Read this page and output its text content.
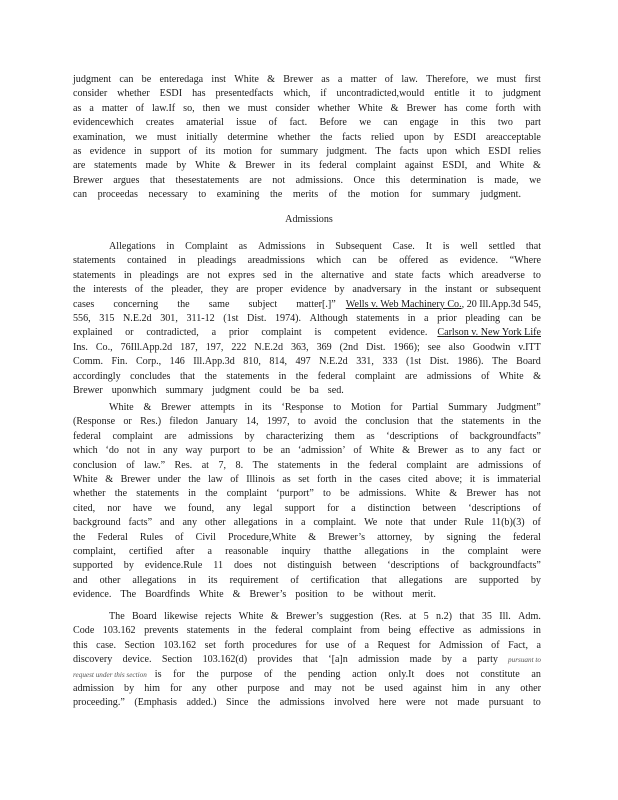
judgment can be enteredaga inst White & Brewer as a matter of law. Therefore, we must first
consider whether ESDI has presentedfacts which, if uncontradicted,would entitle it to judgment
as a matter of law.If so, then we must consider whether White & Brewer has come forth with
evidencewhich creates amaterial issue of fact. Before we can engage in this two part
examination, we must initially determine whether the facts relied upon by ESDI areacceptable
as evidence in support of its motion for summary judgment. The facts upon which ESDI relies
are statements made by White & Brewer in its federal complaint against ESDI, and White &
Brewer argues that thesestatements are not admissions. Once this determination is made, we
can proceedas necessary to examining the merits of the motion for summary judgment.
Admissions
Allegations in Complaint as Admissions in Subsequent Case. It is well settled that
statements contained in pleadings areadmissions which can be offered as evidence. “Where
statements in pleadings are not expres sed in the alternative and state facts which areadverse to
the interests of the pleader, they are proper evidence by anadversary in the instant or subsequent
cases concerning the same subject matter[.]” Wells v. Web Machinery Co. , 20 Ill.App.3d 545,
556, 315 N.E.2d 301, 311-12 (1st Dist. 1974). Although statements in a prior pleading can be
explained or contradicted, a prior complaint is competent evidence. Carlson v. New York Life
Ins. Co., 76Ill.App.2d 187, 197, 222 N.E.2d 363, 369 (2nd Dist. 1966); see also Goodwin v.ITT
Comm. Fin. Corp., 146 Ill.App.3d 810, 814, 497 N.E.2d 331, 333 (1st Dist. 1986). The Board
accordingly concludes that the statements in the federal complaint are admissions of White &
Brewer uponwhich summary judgment could be ba sed.
White & Brewer attempts in its ‘Response to Motion for Partial Summary Judgment”
(Response or Res.) filedon January 14, 1997, to avoid the conclusion that the statements in the
federal complaint are admissions by characterizing them as ‘descriptions of backgroundfacts”
which ‘do not in any way purport to be an ‘admission’ of White & Brewer as to any fact or
conclusion of law.” Res. at 7, 8. The statements in the federal complaint are admissions of
White & Brewer under the law of Illinois as set forth in the cases cited above; it is immaterial
whether the statements in the complaint ‘purport” to be admissions. White & Brewer has not
cited, nor have we found, any legal support for a distinction between ‘descriptions of
background facts” and any other allegations in a complaint. We note that under Rule 11(b)(3) of
the Federal Rules of Civil Procedure,White & Brewer’s attorney, by signing the federal
complaint, certified after a reasonable inquiry thatthe allegations in the complaint were
supported by evidence.Rule 11 does not distinguish between ‘descriptions of backgroundfacts”
and other allegations in its requirement of certification that allegations are supported by
evidence. The Boardfinds White & Brewer’s position to be without merit.
The Board likewise rejects White & Brewer’s suggestion (Res. at 5 n.2) that 35 Ill. Adm.
Code 103.162 prevents statements in the federal complaint from being effective as admissions in
this case. Section 103.162 set forth procedures for use of a Request for Admission of Fact, a
discovery device. Section 103.162(d) provides that ‘[a]n admission made by a party pursuant to
request under this section is for the purpose of the pending action only.It does not constitute an
admission by him for any other purpose and may not be used against him in any other
proceeding.” (Emphasis added.) Since the admissions involved here were not made pursuant to
